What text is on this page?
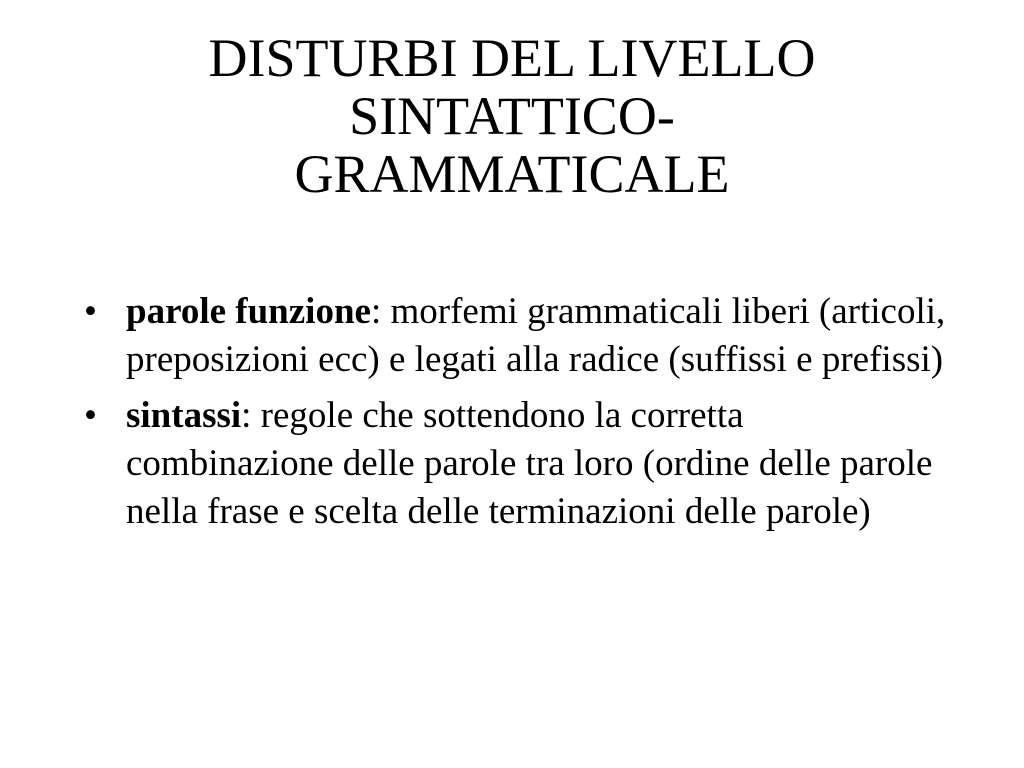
DISTURBI DEL LIVELLO
SINTATTICO-
GRAMMATICALE
• parole funzione: morfemi grammaticali liberi (articoli, preposizioni ecc) e legati alla radice (suffissi e prefissi)
• sintassi: regole che sottendono la corretta combinazione delle parole tra loro (ordine delle parole nella frase e scelta delle terminazioni delle parole)
